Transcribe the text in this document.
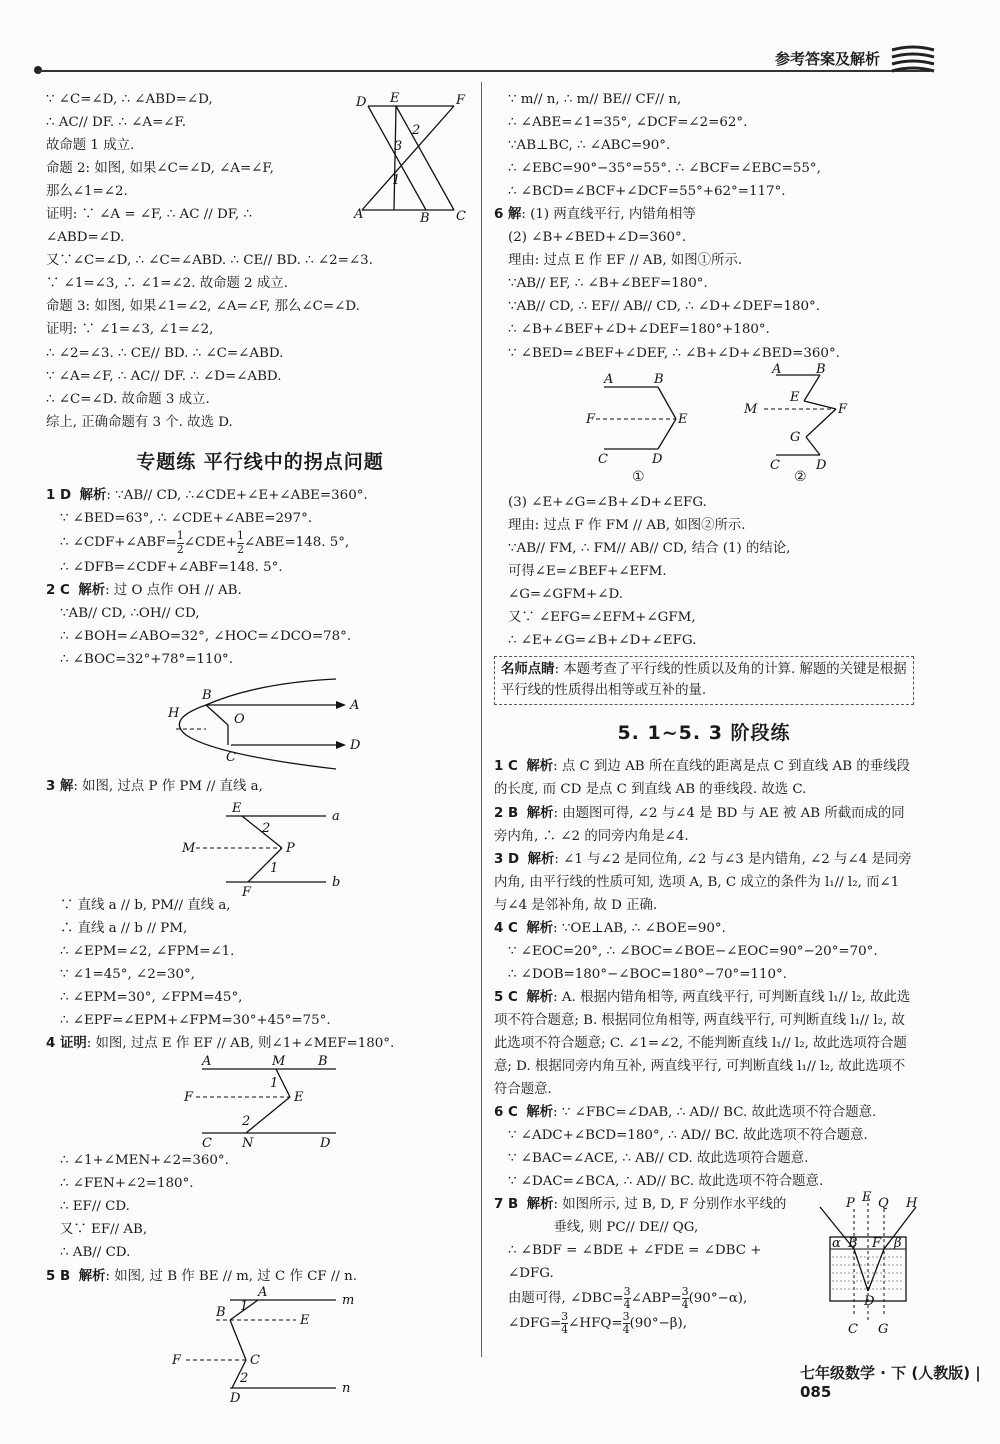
参考答案及解析
D E	F
A	B C
2
3
1
∵ ∠C=∠D, ∴ ∠ABD=∠D,
∴ AC// DF. ∴ ∠A=∠F.
故命题 1 成立.
命题 2: 如图, 如果∠C=∠D, ∠A=∠F,
那么∠1=∠2.
证明: ∵ ∠A = ∠F, ∴ AC // DF, ∴
∠ABD=∠D.
又∵∠C=∠D, ∴ ∠C=∠ABD. ∴ CE// BD. ∴ ∠2=∠3.
∵ ∠1=∠3, ∴ ∠1=∠2. 故命题 2 成立.
命题 3: 如图, 如果∠1=∠2, ∠A=∠F, 那么∠C=∠D.
证明: ∵ ∠1=∠3, ∠1=∠2,
∴ ∠2=∠3. ∴ CE// BD. ∴ ∠C=∠ABD.
∵ ∠A=∠F, ∴ AC// DF. ∴ ∠D=∠ABD.
∴ ∠C=∠D. 故命题 3 成立.
综上, 正确命题有 3 个. 故选 D.
专题练 平行线中的拐点问题
1 D 解析: ∵AB// CD, ∴∠CDE+∠E+∠ABE=360°.
∵ ∠BED=63°, ∴ ∠CDE+∠ABE=297°.
∴ ∠CDF+∠ABF= $\frac{1}{2}$ ∠CDE+ $\frac{1}{2}$ ∠ABE=148. 5°,
∴ ∠DFB=∠CDF+∠ABF=148. 5°.
2 C 解析: 过 O 点作 OH // AB.
∵AB// CD, ∴OH// CD,
∴ ∠BOH=∠ABO=32°, ∠HOC=∠DCO=78°.
∴ ∠BOC=32°+78°=110°.
H
B
O
C
A
D
3 解: 如图, 过点 P 作 PM // 直线 a,
E
a
b
M	P
F
2
1
∵ 直线 a // b, PM// 直线 a,
∴ 直线 a // b // PM,
∴ ∠EPM=∠2, ∠FPM=∠1.
∵ ∠1=45°, ∠2=30°,
∴ ∠EPM=30°, ∠FPM=45°,
∴ ∠EPF=∠EPM+∠FPM=30°+45°=75°.
4 证明: 如图, 过点 E 作 EF // AB, 则∠1+∠MEF=180°.
A	M	B
F	E
C N	D
1
2
∴ ∠1+∠MEN+∠2=360°.
∴ ∠FEN+∠2=180°.
∴ EF// CD.
又∵ EF// AB,
∴ AB// CD.
5 B 解析: 如图, 过 B 作 BE // m, 过 C 作 CF // n.
A
m
B
E
F	C
n
D
1
2
∵ m// n, ∴ m// BE// CF// n,
∴ ∠ABE=∠1=35°, ∠DCF=∠2=62°.
∵AB⊥BC, ∴ ∠ABC=90°.
∴ ∠EBC=90°−35°=55°. ∴ ∠BCF=∠EBC=55°,
∴ ∠BCD=∠BCF+∠DCF=55°+62°=117°.
6 解: (1) 两直线平行, 内错角相等
(2) ∠B+∠BED+∠D=360°.
理由: 过点 E 作 EF // AB, 如图①所示.
∵AB// EF, ∴ ∠B+∠BEF=180°.
∵AB// CD, ∴ EF// AB// CD, ∴ ∠D+∠DEF=180°.
∴ ∠B+∠BEF+∠D+∠DEF=180°+180°.
∵ ∠BED=∠BEF+∠DEF, ∴ ∠B+∠D+∠BED=360°.
A	B
F	E
C	D
①
A	B
M
E
F
G
C	D
②
(3) ∠E+∠G=∠B+∠D+∠EFG.
理由: 过点 F 作 FM // AB, 如图②所示.
∵AB// FM, ∴ FM// AB// CD, 结合 (1) 的结论,
可得∠E=∠BEF+∠EFM.
∠G=∠GFM+∠D.
又∵ ∠EFG=∠EFM+∠GFM,
∴ ∠E+∠G=∠B+∠D+∠EFG.
名师点睛: 本题考查了平行线的性质以及角的计算. 解题的关键是根据平行线的性质得出相等或互补的量.
5. 1~5. 3 阶段练
1 C 解析: 点 C 到边 AB 所在直线的距离是点 C 到直线 AB 的垂线段的长度, 而 CD 是点 C 到直线 AB 的垂线段. 故选 C.
2 B 解析: 由题图可得, ∠2 与∠4 是 BD 与 AE 被 AB 所截而成的同旁内角, ∴ ∠2 的同旁内角是∠4.
3 D 解析: ∠1 与∠2 是同位角, ∠2 与∠3 是内错角, ∠2 与∠4 是同旁内角, 由平行线的性质可知, 选项 A, B, C 成立的条件为 l₁// l₂, 而∠1 与∠4 是邻补角, 故 D 正确.
4 C 解析: ∵OE⊥AB, ∴ ∠BOE=90°.
∵ ∠EOC=20°, ∴ ∠BOC=∠BOE−∠EOC=90°−20°=70°.
∴ ∠DOB=180°−∠BOC=180°−70°=110°.
5 C 解析: A. 根据内错角相等, 两直线平行, 可判断直线 l₁// l₂, 故此选项不符合题意; B. 根据同位角相等, 两直线平行, 可判断直线 l₁// l₂, 故此选项不符合题意; C. ∠1=∠2, 不能判断直线 l₁// l₂, 故此选项符合题意; D. 根据同旁内角互补, 两直线平行, 可判断直线 l₁// l₂, 故此选项不符合题意.
6 C 解析: ∵ ∠FBC=∠DAB, ∴ AD// BC. 故此选项不符合题意.
∵ ∠ADC+∠BCD=180°, ∴ AD// BC. 故此选项不符合题意.
∵ ∠BAC=∠ACE, ∴ AB// CD. 故此选项符合题意.
∵ ∠DAC=∠BCA, ∴ AD// BC. 故此选项不符合题意.
E
P Q H
α B F β
D
C G
7 B 解析: 如图所示, 过 B, D, F 分别作水平线的垂线, 则 PC// DE// QG,
∴ ∠BDF = ∠BDE + ∠FDE = ∠DBC + ∠DFG.
由题可得, ∠DBC= $\frac{3}{4}$ ∠ABP= $\frac{3}{4} (90^\circ-\alpha)$,
∠DFG= $\frac{3}{4}$ ∠HFQ= $\frac{3}{4} (90^\circ-\beta)$,
七年级数学 · 下 (人教版) | 085
